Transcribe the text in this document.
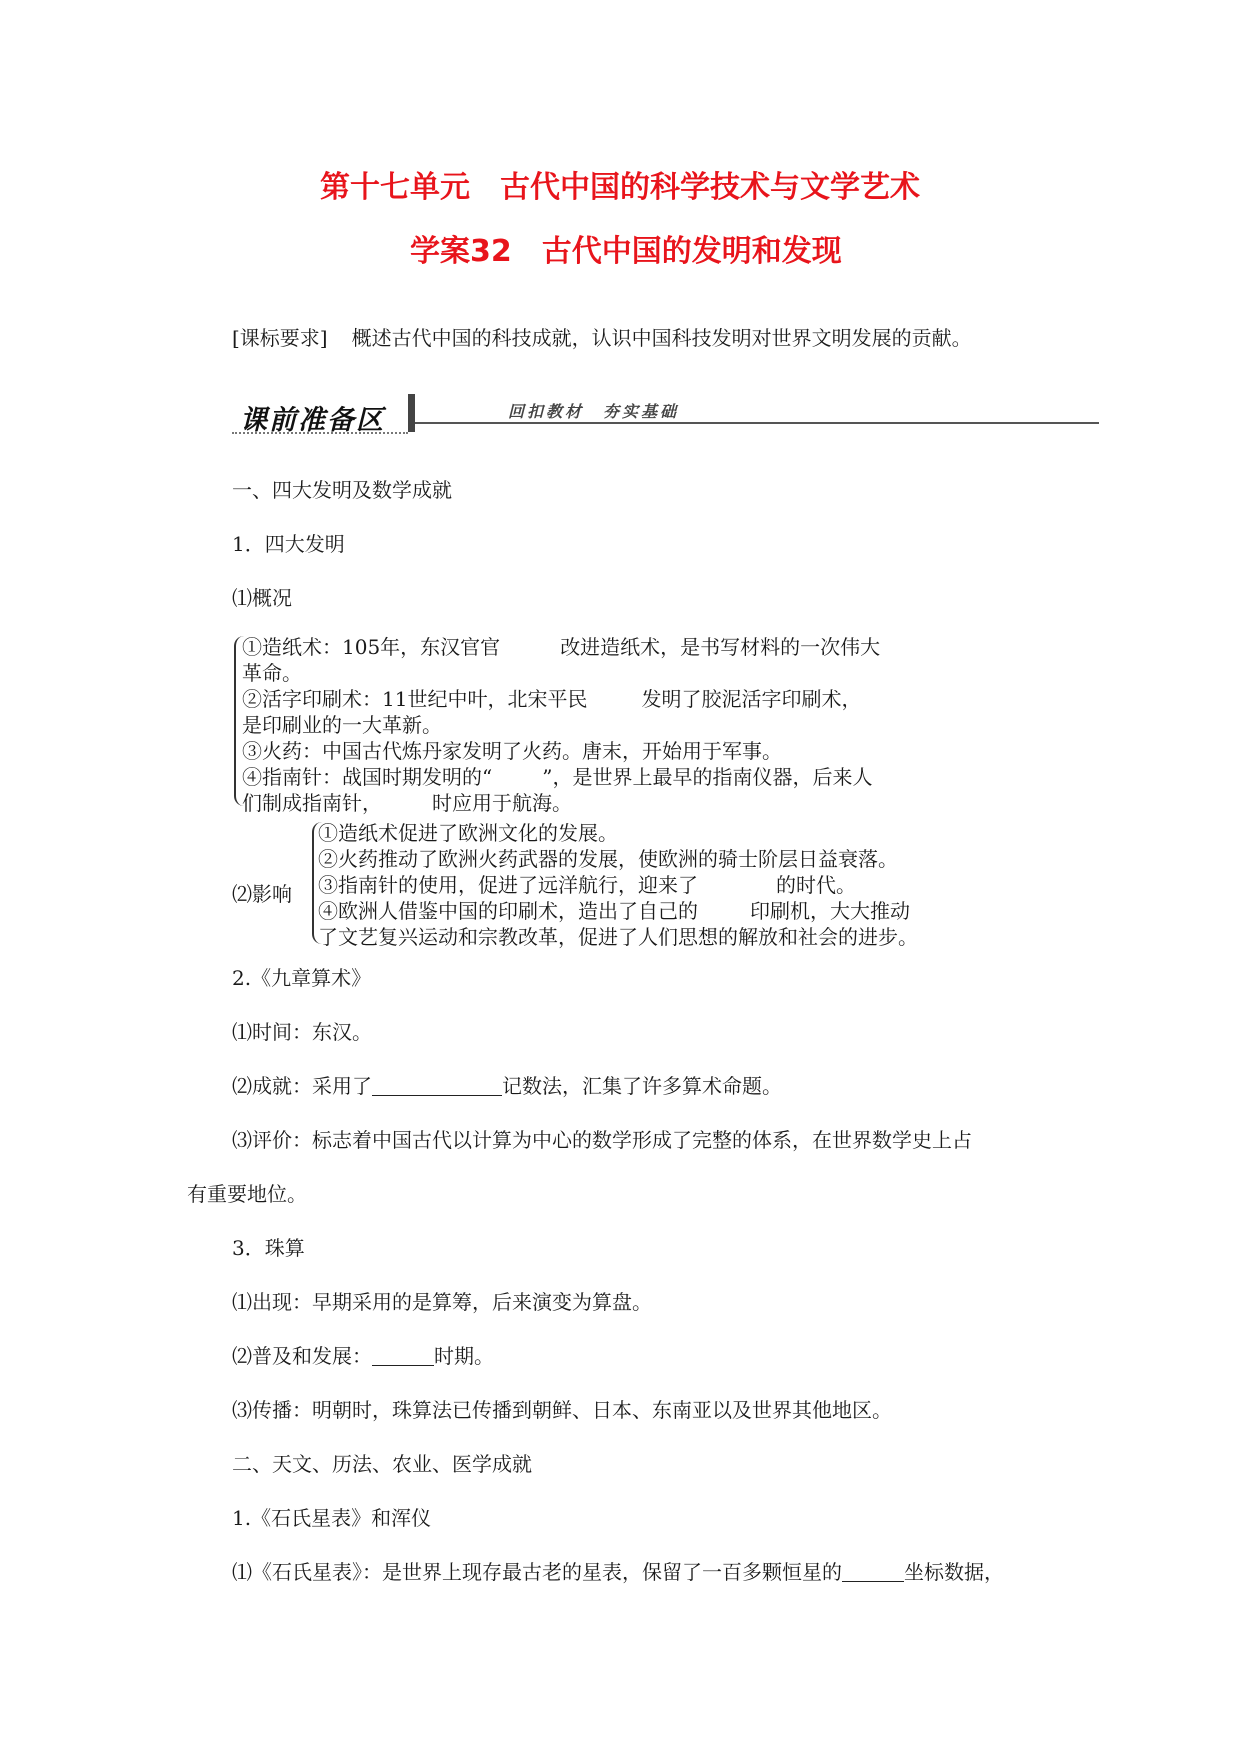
第十七单元　古代中国的科学技术与文学艺术
学案32　古代中国的发明和发现
[课标要求] 概述古代中国的科技成就，认识中国科技发明对世界文明发展的贡献。
课前准备区	回扣教材　夯实基础
一、四大发明及数学成就
1．四大发明
⑴概况
①造纸术：105年，东汉官官	改进造纸术，是书写材料的一次伟大
革命。
②活字印刷术：11世纪中叶，北宋平民	发明了胶泥活字印刷术，
是印刷业的一大革新。
③火药：中国古代炼丹家发明了火药。唐末，开始用于军事。
④指南针：战国时期发明的“	”，是世界上最早的指南仪器，后来人
们制成指南针，	时应用于航海。
⑵影响
①造纸术促进了欧洲文化的发展。
②火药推动了欧洲火药武器的发展，使欧洲的骑士阶层日益衰落。
③指南针的使用，促进了远洋航行，迎来了	的时代。
④欧洲人借鉴中国的印刷术，造出了自己的	印刷机，大大推动
了文艺复兴运动和宗教改革，促进了人们思想的解放和社会的进步。
2.《九章算术》
⑴时间：东汉。
⑵成就：采用了	记数法，汇集了许多算术命题。
⑶评价：标志着中国古代以计算为中心的数学形成了完整的体系，在世界数学史上占
有重要地位。
3．珠算
⑴出现：早期采用的是算筹，后来演变为算盘。
⑵普及和发展：	时期。
⑶传播：明朝时，珠算法已传播到朝鲜、日本、东南亚以及世界其他地区。
二、天文、历法、农业、医学成就
1.《石氏星表》和浑仪
⑴《石氏星表》：是世界上现存最古老的星表，保留了一百多颗恒星的	坐标数据，
